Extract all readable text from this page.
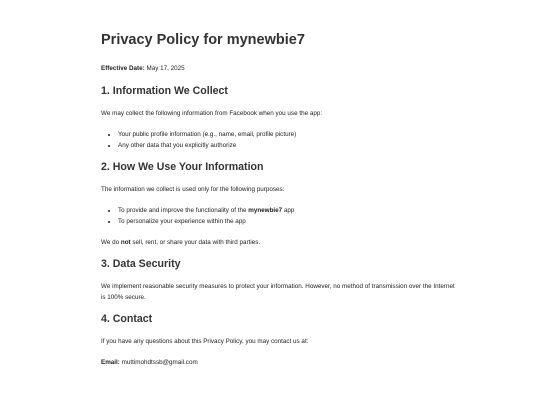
Privacy Policy for mynewbie7

Effective Date: May 17, 2025

1. Information We Collect

We may collect the following information from Facebook when you use the app:

• Your public profile information (e.g., name, email, profile picture)
• Any other data that you explicitly authorize
2. How We Use Your Information

The information we collect is used only for the following purposes:

• To provide and improve the functionality of the mynewbie7 app
• To personalize your experience within the app

We do not sell, rent, or share your data with third parties.

3. Data Security

We implement reasonable security measures to protect your information. However, no method of transmission over the Internet is 100% secure.

4. Contact

If you have any questions about this Privacy Policy, you may contact us at:

Email: muttimohdtssb@gmail.com
